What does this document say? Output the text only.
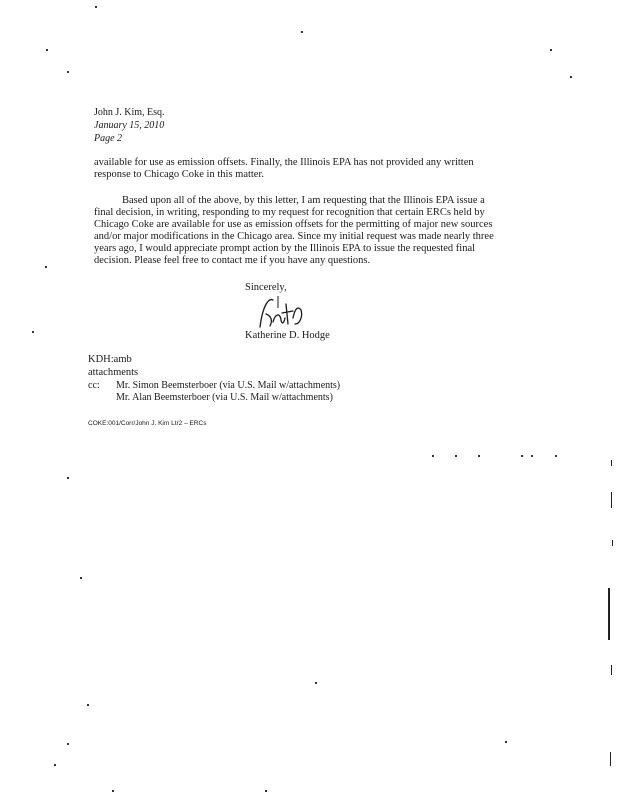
John J. Kim, Esq.
January 15, 2010
Page 2
available for use as emission offsets. Finally, the Illinois EPA has not provided any written
response to Chicago Coke in this matter.
Based upon all of the above, by this letter, I am requesting that the Illinois EPA issue a
final decision, in writing, responding to my request for recognition that certain ERCs held by
Chicago Coke are available for use as emission offsets for the permitting of major new sources
and/or major modifications in the Chicago area. Since my initial request was made nearly three
years ago, I would appreciate prompt action by the Illinois EPA to issue the requested final
decision. Please feel free to contact me if you have any questions.
Sincerely,
Katherine D. Hodge
KDH:amb
attachments
cc: Mr. Simon Beemsterboer (via U.S. Mail w/attachments)
Mr. Alan Beemsterboer (via U.S. Mail w/attachments)
COKE:001/Corr/John J. Kim Ltr2 – ERCs
